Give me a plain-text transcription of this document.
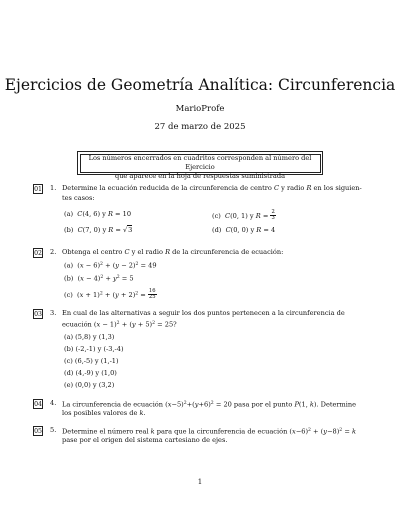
Ejercicios de Geometría Analítica: Circunferencia
MarioProfe
27 de marzo de 2025
Los números encerrados en cuadritos corresponden al número del Ejercicio
que aparece en la hoja de respuestas suministrada
01 1. Determine la ecuación reducida de la circunferencia de centro C y radio R en los siguien-
tes casos:
(a) C(4, 6) y R = 10
(b) C(7, 0) y R = √3
(c) C(0, 1) y $R = \frac{2}{3}$
(d) C(0, 0) y R = 4
02 2. Obtenga el centro C y el radio R de la circunferencia de ecuación:
(a)  $(x - 6)^2 + (y - 2)^2 = 49$
(b)  $(x - 4)^2 + y^2 = 5$
(c)  $(x + 1)^2 + (y + 2)^2 = \frac{16}{25}$
03 3. En cual de las alternativas a seguir los dos puntos pertenecen a la circunferencia de
ecuación $(x - 1)^2 + (y + 5)^2 = 25$?
(a) (5,8) y (1,3)
(b) (-2,-1) y (-3,-4)
(c) (6,-5) y (1,-1)
(d) (4,-9) y (1,0)
(e) (0,0) y (3,2)
04 4. La circunferencia de ecuación $(x-5)^2+(y+6)^2 = 20$ pasa por el punto P(1, k). Determine
los posibles valores de k.
05 5. Determine el número real k para que la circunferencia de ecuación $(x-6)^2 + (y-8)^2 = k$
pase por el origen del sistema cartesiano de ejes.
1
